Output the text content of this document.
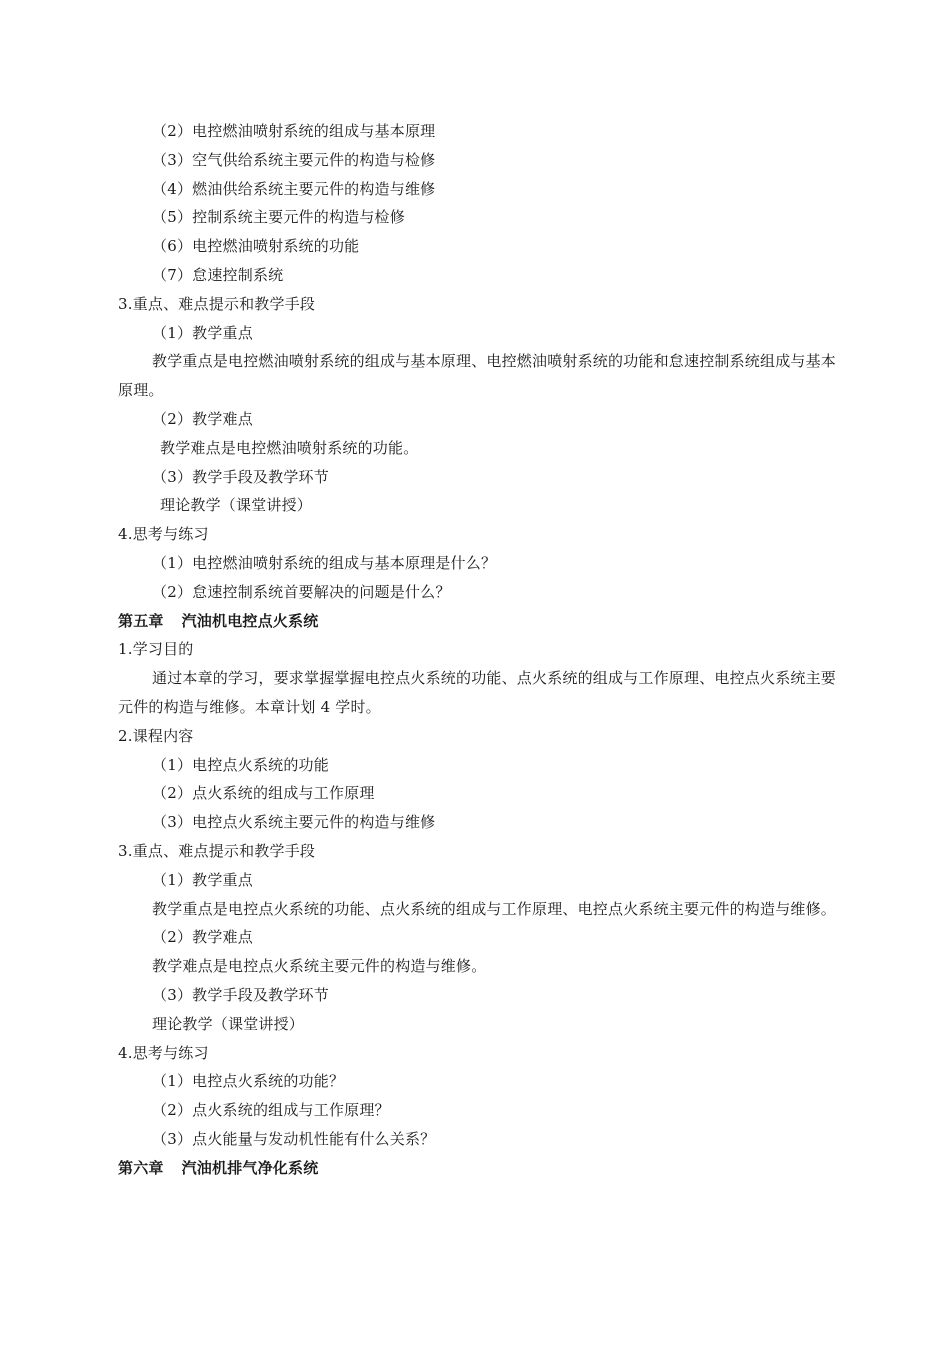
（2）电控燃油喷射系统的组成与基本原理
（3）空气供给系统主要元件的构造与检修
（4）燃油供给系统主要元件的构造与维修
（5）控制系统主要元件的构造与检修
（6）电控燃油喷射系统的功能
（7）怠速控制系统
3.重点、难点提示和教学手段
（1）教学重点
教学重点是电控燃油喷射系统的组成与基本原理、电控燃油喷射系统的功能和怠速控制系统组成与基本原理。
（2）教学难点
教学难点是电控燃油喷射系统的功能。
（3）教学手段及教学环节
理论教学（课堂讲授）
4.思考与练习
（1）电控燃油喷射系统的组成与基本原理是什么？
（2）怠速控制系统首要解决的问题是什么？
第五章 汽油机电控点火系统
1.学习目的
通过本章的学习，要求掌握掌握电控点火系统的功能、点火系统的组成与工作原理、电控点火系统主要元件的构造与维修。本章计划 4 学时。
2.课程内容
（1）电控点火系统的功能
（2）点火系统的组成与工作原理
（3）电控点火系统主要元件的构造与维修
3.重点、难点提示和教学手段
（1）教学重点
教学重点是电控点火系统的功能、点火系统的组成与工作原理、电控点火系统主要元件的构造与维修。
（2）教学难点
教学难点是电控点火系统主要元件的构造与维修。
（3）教学手段及教学环节
理论教学（课堂讲授）
4.思考与练习
（1）电控点火系统的功能？
（2）点火系统的组成与工作原理？
（3）点火能量与发动机性能有什么关系？
第六章 汽油机排气净化系统
